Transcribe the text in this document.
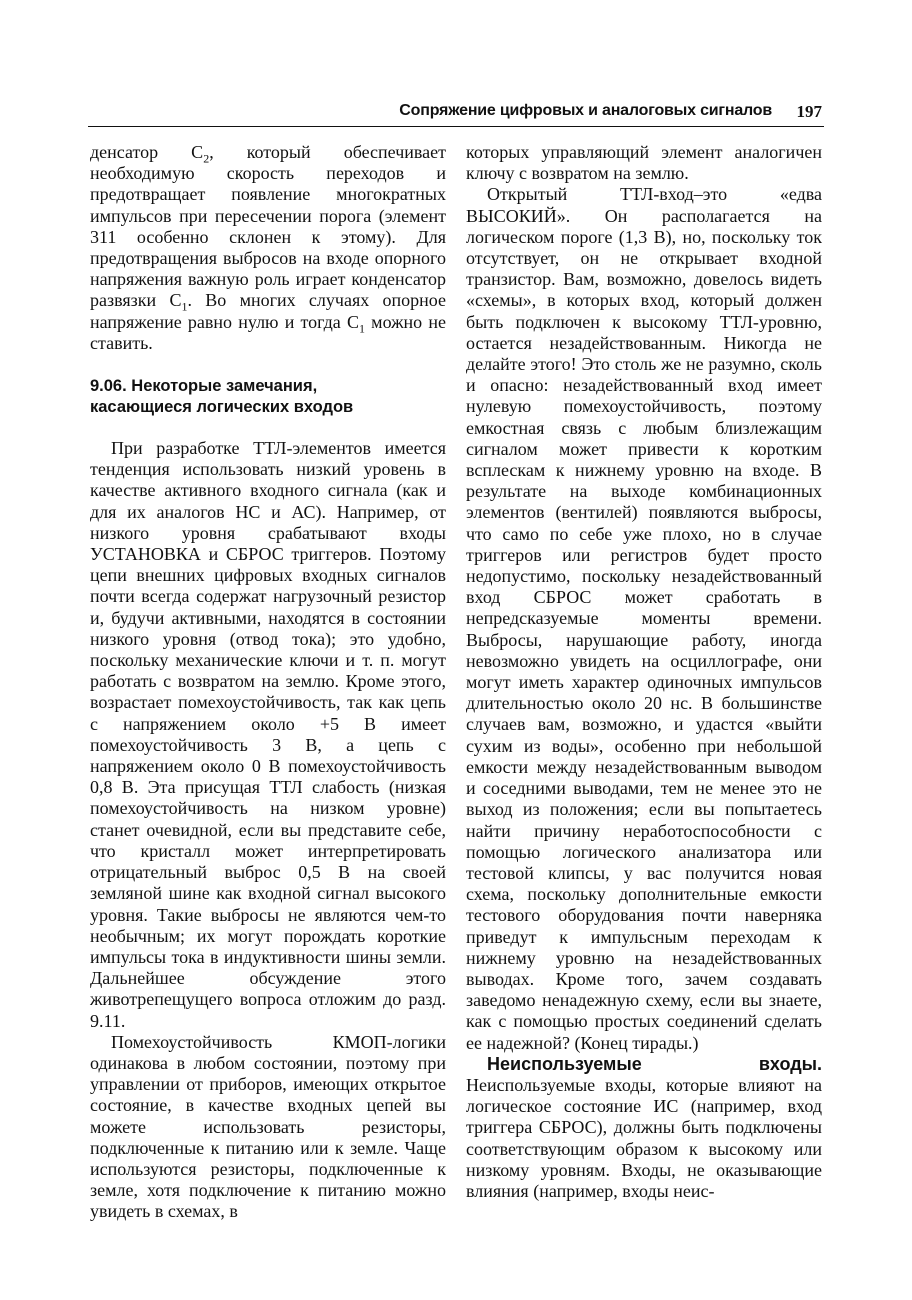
Сопряжение цифровых и аналоговых сигналов 197

денсатор $C_2$, который обеспечивает необходимую скорость переходов и предотвращает появление многократных импульсов при пересечении порога (элемент 311 особенно склонен к этому). Для предотвращения выбросов на входе опорного напряжения важную роль играет конденсатор развязки $C_1$. Во многих случаях опорное напряжение равно нулю и тогда $C_1$ можно не ставить.

9.06. Некоторые замечания,
касающиеся логических входов

При разработке ТТЛ-элементов имеется тенденция использовать низкий уровень в качестве активного входного сигнала (как и для их аналогов НС и АС). Например, от низкого уровня срабатывают входы УСТАНОВКА и СБРОС триггеров. Поэтому цепи внешних цифровых входных сигналов почти всегда содержат нагрузочный резистор и, будучи активными, находятся в состоянии низкого уровня (отвод тока); это удобно, поскольку механические ключи и т. п. могут работать с возвратом на землю. Кроме этого, возрастает помехоустойчивость, так как цепь с напряжением около +5 В имеет помехоустойчивость 3 В, а цепь с напряжением около 0 В помехоустойчивость 0,8 В. Эта присущая ТТЛ слабость (низкая помехоустойчивость на низком уровне) станет очевидной, если вы представите себе, что кристалл может интерпретировать отрицательный выброс 0,5 В на своей земляной шине как входной сигнал высокого уровня. Такие выбросы не являются чем-то необычным; их могут порождать короткие импульсы тока в индуктивности шины земли. Дальнейшее обсуждение этого животрепещущего вопроса отложим до разд. 9.11.

Помехоустойчивость КМОП-логики одинакова в любом состоянии, поэтому при управлении от приборов, имеющих открытое состояние, в качестве входных цепей вы можете использовать резисторы, подключенные к питанию или к земле. Чаще используются резисторы, подключенные к земле, хотя подключение к питанию можно увидеть в схемах, в

которых управляющий элемент аналогичен ключу с возвратом на землю.

Открытый ТТЛ-вход–это «едва ВЫСОКИЙ». Он располагается на логическом пороге (1,3 В), но, поскольку ток отсутствует, он не открывает входной транзистор. Вам, возможно, довелось видеть «схемы», в которых вход, который должен быть подключен к высокому ТТЛ-уровню, остается незадействованным. Никогда не делайте этого! Это столь же не разумно, сколь и опасно: незадействованный вход имеет нулевую помехоустойчивость, поэтому емкостная связь с любым близлежащим сигналом может привести к коротким всплескам к нижнему уровню на входе. В результате на выходе комбинационных элементов (вентилей) появляются выбросы, что само по себе уже плохо, но в случае триггеров или регистров будет просто недопустимо, поскольку незадействованный вход СБРОС может сработать в непредсказуемые моменты времени. Выбросы, нарушающие работу, иногда невозможно увидеть на осциллографе, они могут иметь характер одиночных импульсов длительностью около 20 нс. В большинстве случаев вам, возможно, и удастся «выйти сухим из воды», особенно при небольшой емкости между незадействованным выводом и соседними выводами, тем не менее это не выход из положения; если вы попытаетесь найти причину неработоспособности с помощью логического анализатора или тестовой клипсы, у вас получится новая схема, поскольку дополнительные емкости тестового оборудования почти наверняка приведут к импульсным переходам к нижнему уровню на незадействованных выводах. Кроме того, зачем создавать заведомо ненадежную схему, если вы знаете, как с помощью простых соединений сделать ее надежной? (Конец тирады.)

Неиспользуемые входы. Неиспользуемые входы, которые влияют на логическое состояние ИС (например, вход триггера СБРОС), должны быть подключены соответствующим образом к высокому или низкому уровням. Входы, не оказывающие влияния (например, входы неис-
